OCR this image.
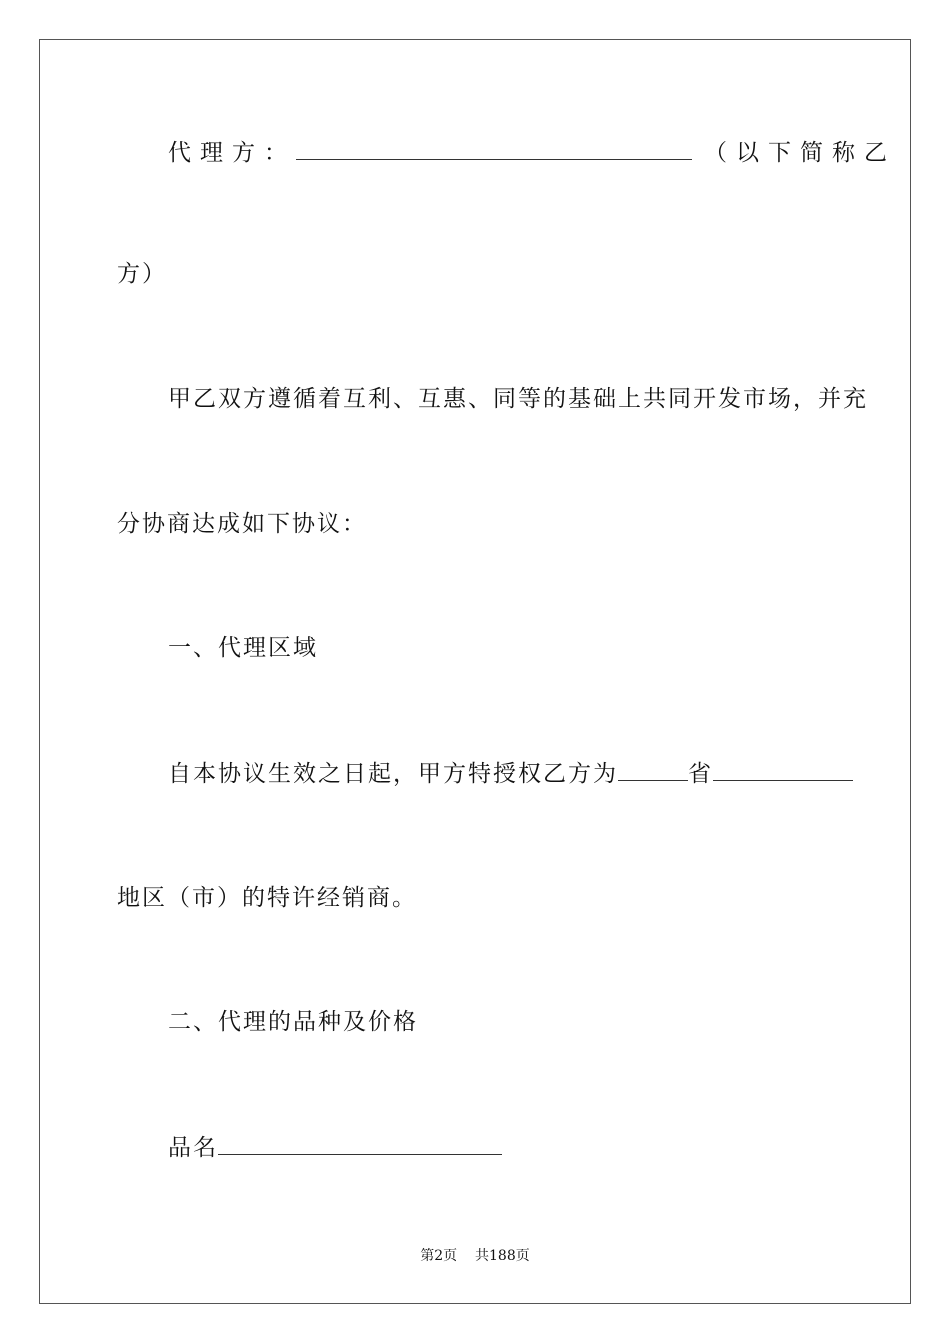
代理方：	（以下简称乙
方）
甲乙双方遵循着互利、互惠、同等的基础上共同开发市场，并充
分协商达成如下协议：
一、代理区域
自本协议生效之日起，甲方特授权乙方为	省
地区（市）的特许经销商。
二、代理的品种及价格
品名
第2页 共188页
